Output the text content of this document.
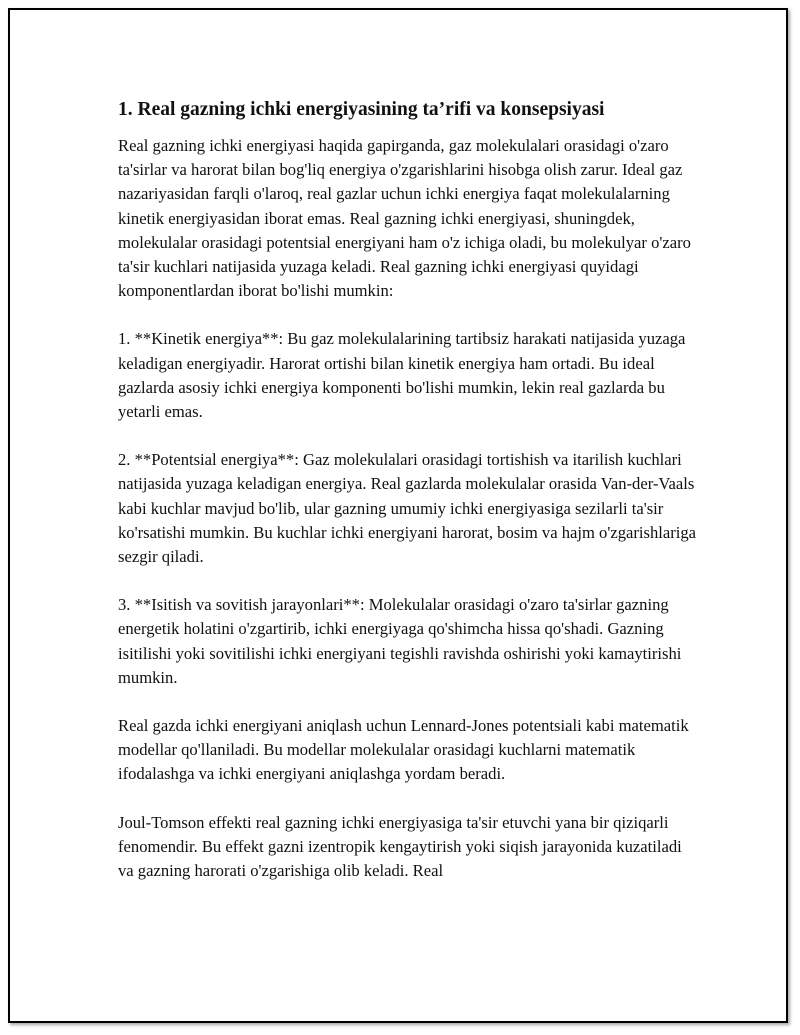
1. Real gazning ichki energiyasining ta’rifi va konsepsiyasi

Real gazning ichki energiyasi haqida gapirganda, gaz molekulalari orasidagi o'zaro ta'sirlar va harorat bilan bog'liq energiya o'zgarishlarini hisobga olish zarur. Ideal gaz nazariyasidan farqli o'laroq, real gazlar uchun ichki energiya faqat molekulalarning kinetik energiyasidan iborat emas. Real gazning ichki energiyasi, shuningdek, molekulalar orasidagi potentsial energiyani ham o'z ichiga oladi, bu molekulyar o'zaro ta'sir kuchlari natijasida yuzaga keladi. Real gazning ichki energiyasi quyidagi komponentlardan iborat bo'lishi mumkin:

1. **Kinetik energiya**: Bu gaz molekulalarining tartibsiz harakati natijasida yuzaga keladigan energiyadir. Harorat ortishi bilan kinetik energiya ham ortadi. Bu ideal gazlarda asosiy ichki energiya komponenti bo'lishi mumkin, lekin real gazlarda bu yetarli emas.

2. **Potentsial energiya**: Gaz molekulalari orasidagi tortishish va itarilish kuchlari natijasida yuzaga keladigan energiya. Real gazlarda molekulalar orasida Van-der-Vaals kabi kuchlar mavjud bo'lib, ular gazning umumiy ichki energiyasiga sezilarli ta'sir ko'rsatishi mumkin. Bu kuchlar ichki energiyani harorat, bosim va hajm o'zgarishlariga sezgir qiladi.

3. **Isitish va sovitish jarayonlari**: Molekulalar orasidagi o'zaro ta'sirlar gazning energetik holatini o'zgartirib, ichki energiyaga qo'shimcha hissa qo'shadi. Gazning isitilishi yoki sovitilishi ichki energiyani tegishli ravishda oshirishi yoki kamaytirishi mumkin.

Real gazda ichki energiyani aniqlash uchun Lennard-Jones potentsiali kabi matematik modellar qo'llaniladi. Bu modellar molekulalar orasidagi kuchlarni matematik ifodalashga va ichki energiyani aniqlashga yordam beradi.

Joul-Tomson effekti real gazning ichki energiyasiga ta'sir etuvchi yana bir qiziqarli fenomendir. Bu effekt gazni izentropik kengaytirish yoki siqish jarayonida kuzatiladi va gazning harorati o'zgarishiga olib keladi. Real
